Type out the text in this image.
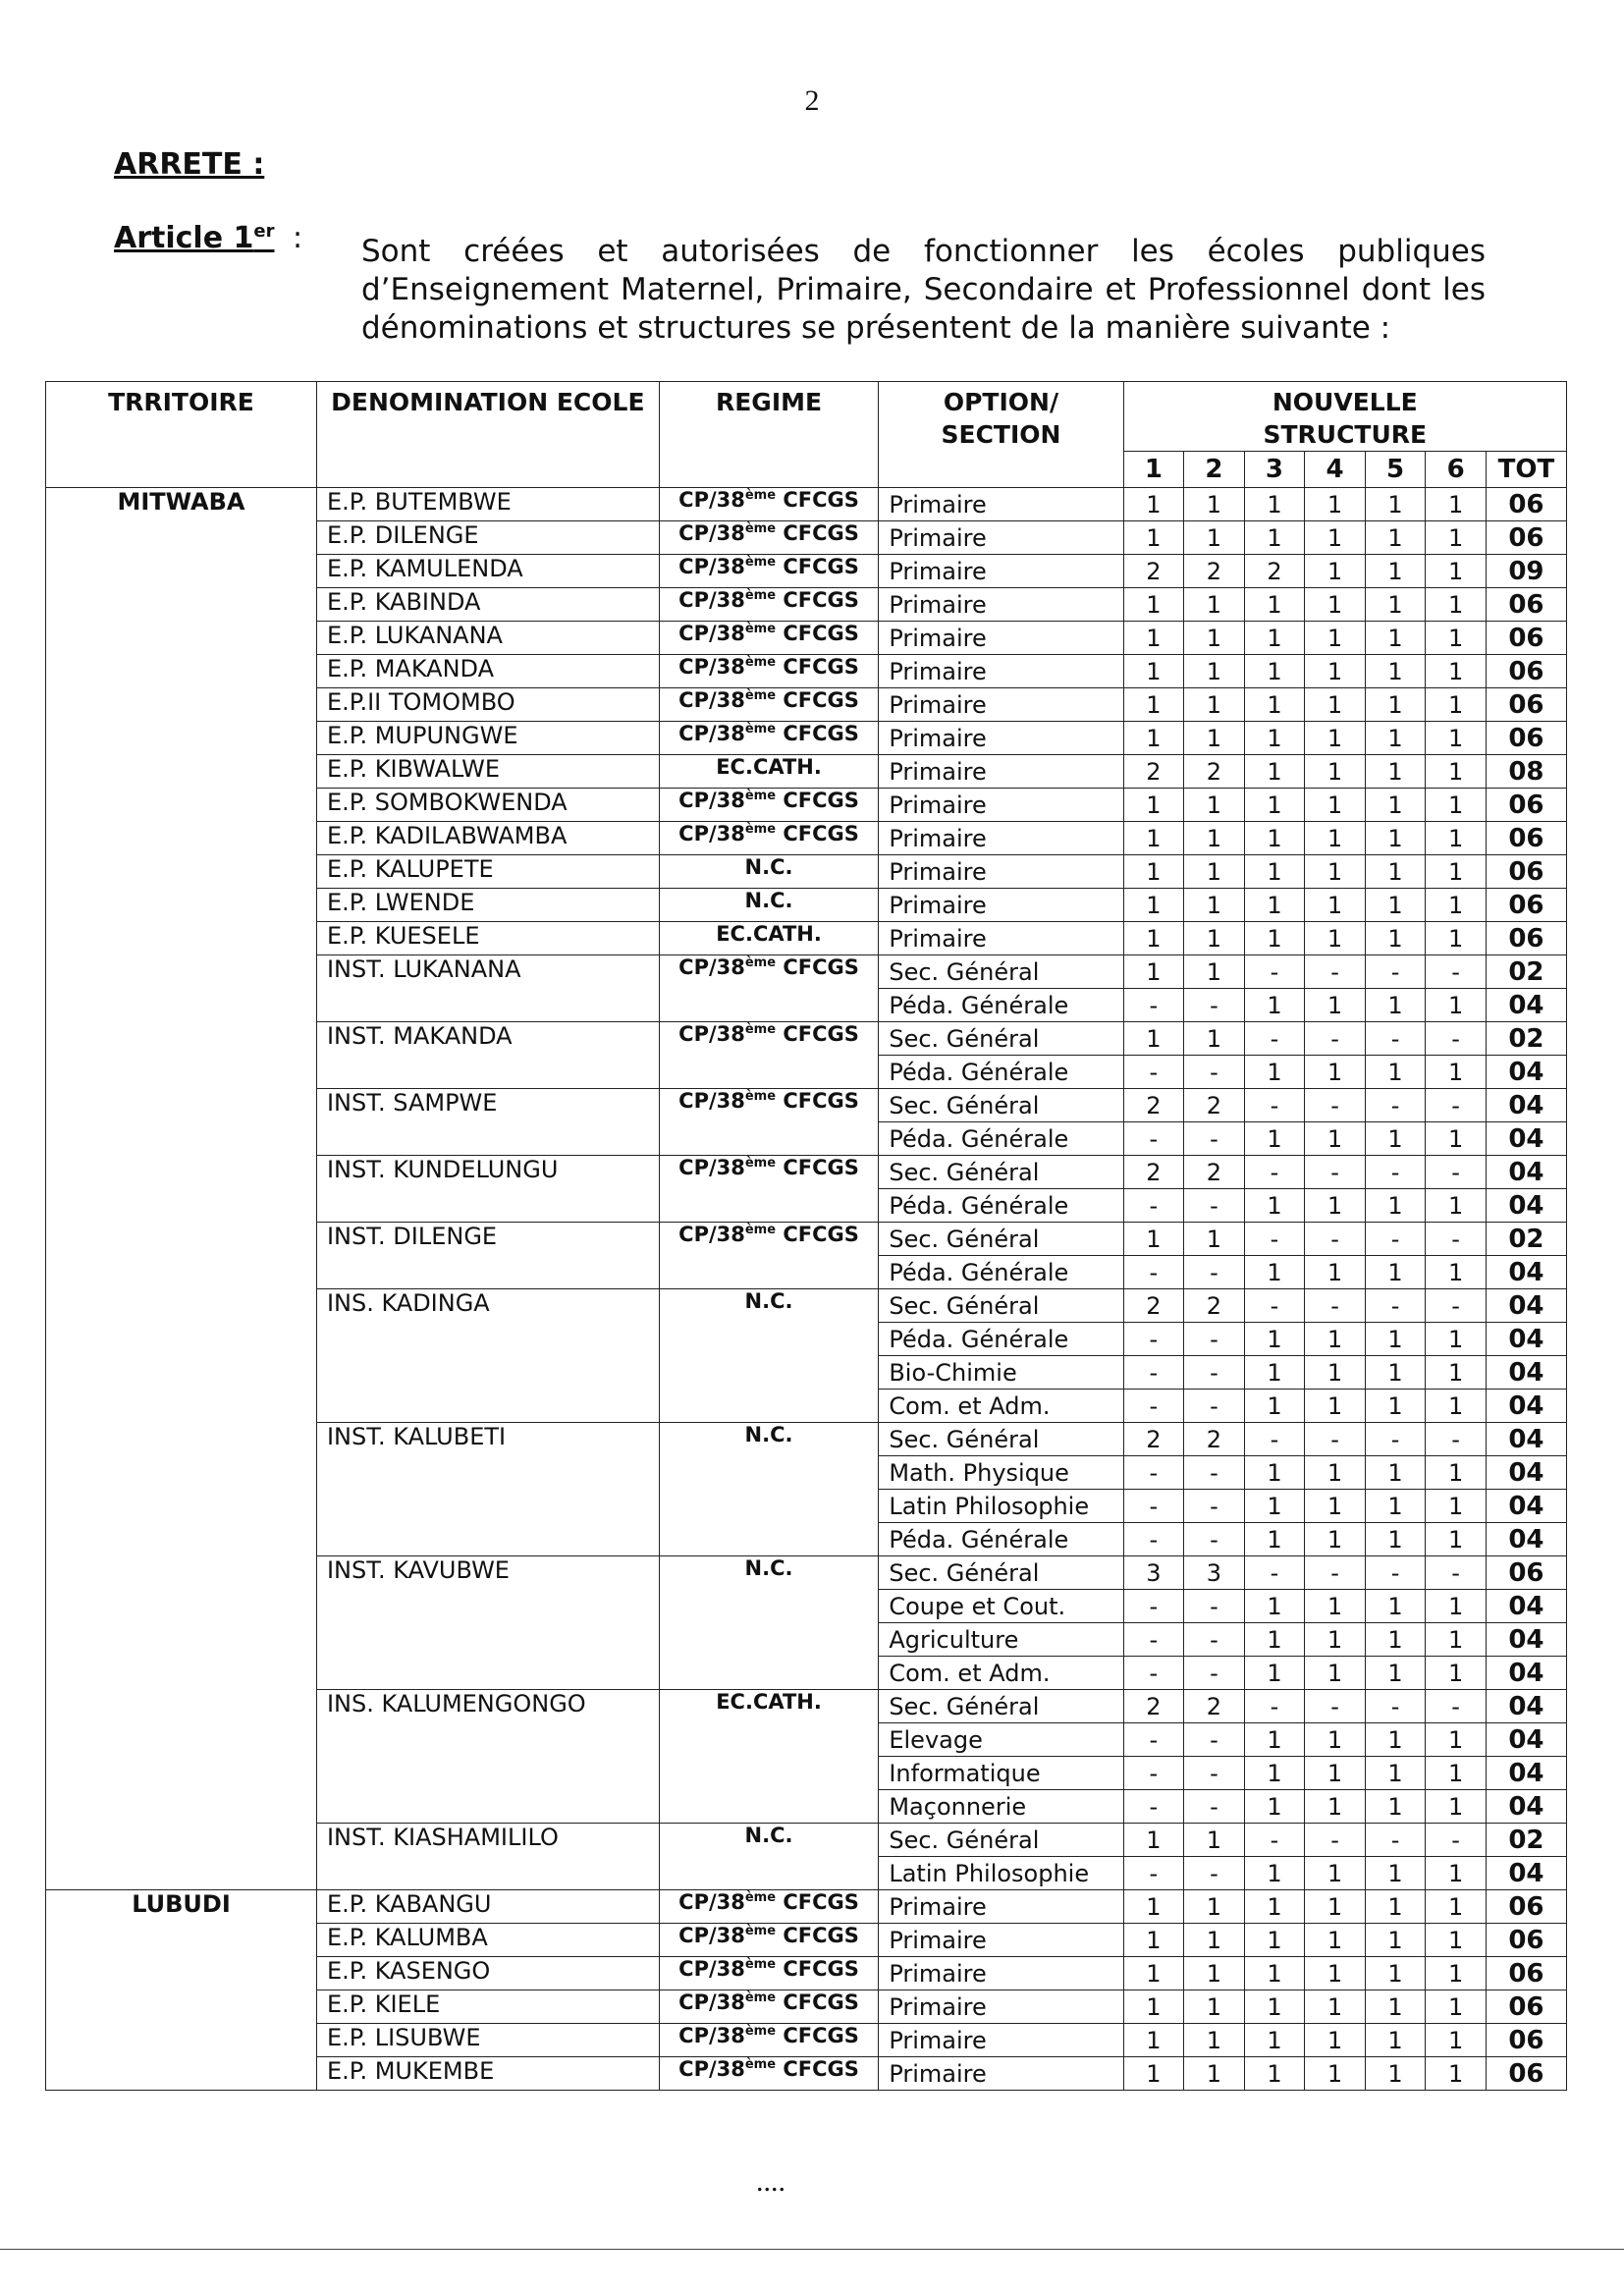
2
ARRETE :
Article 1er : Sont créées et autorisées de fonctionner les écoles publiques d’Enseignement Maternel, Primaire, Secondaire et Professionnel dont les dénominations et structures se présentent de la manière suivante :
TRRITOIRE	DENOMINATION ECOLE	REGIME	OPTION/ SECTION	NOUVELLE STRUCTURE						

				1	2	3	4	5	6	TOT
MITWABA	E.P. BUTEMBWE	CP/38ème CFCGS	Primaire	1	1	1	1	1	1	06
	E.P. DILENGE	CP/38ème CFCGS	Primaire	1	1	1	1	1	1	06
	E.P. KAMULENDA	CP/38ème CFCGS	Primaire	2	2	2	1	1	1	09
	E.P. KABINDA	CP/38ème CFCGS	Primaire	1	1	1	1	1	1	06
	E.P. LUKANANA	CP/38ème CFCGS	Primaire	1	1	1	1	1	1	06
	E.P. MAKANDA	CP/38ème CFCGS	Primaire	1	1	1	1	1	1	06
	E.P.II TOMOMBO	CP/38ème CFCGS	Primaire	1	1	1	1	1	1	06
	E.P. MUPUNGWE	CP/38ème CFCGS	Primaire	1	1	1	1	1	1	06
	E.P. KIBWALWE	EC.CATH.	Primaire	2	2	1	1	1	1	08
	E.P. SOMBOKWENDA	CP/38ème CFCGS	Primaire	1	1	1	1	1	1	06
	E.P. KADILABWAMBA	CP/38ème CFCGS	Primaire	1	1	1	1	1	1	06
	E.P. KALUPETE	N.C.	Primaire	1	1	1	1	1	1	06
	E.P. LWENDE	N.C.	Primaire	1	1	1	1	1	1	06
	E.P. KUESELE	EC.CATH.	Primaire	1	1	1	1	1	1	06
	INST. LUKANANA	CP/38ème CFCGS	Sec. Général	1	1	-	-	-	-	02
			Péda. Générale	-	-	1	1	1	1	04
	INST. MAKANDA	CP/38ème CFCGS	Sec. Général	1	1	-	-	-	-	02
			Péda. Générale	-	-	1	1	1	1	04
	INST. SAMPWE	CP/38ème CFCGS	Sec. Général	2	2	-	-	-	-	04
			Péda. Générale	-	-	1	1	1	1	04
	INST. KUNDELUNGU	CP/38ème CFCGS	Sec. Général	2	2	-	-	-	-	04
			Péda. Générale	-	-	1	1	1	1	04
	INST. DILENGE	CP/38ème CFCGS	Sec. Général	1	1	-	-	-	-	02
			Péda. Générale	-	-	1	1	1	1	04
	INS. KADINGA	N.C.	Sec. Général	2	2	-	-	-	-	04
			Péda. Générale	-	-	1	1	1	1	04
			Bio-Chimie	-	-	1	1	1	1	04
			Com. et Adm.	-	-	1	1	1	1	04
	INST. KALUBETI	N.C.	Sec. Général	2	2	-	-	-	-	04
			Math. Physique	-	-	1	1	1	1	04
			Latin Philosophie	-	-	1	1	1	1	04
			Péda. Générale	-	-	1	1	1	1	04
	INST. KAVUBWE	N.C.	Sec. Général	3	3	-	-	-	-	06
			Coupe et Cout.	-	-	1	1	1	1	04
			Agriculture	-	-	1	1	1	1	04
			Com. et Adm.	-	-	1	1	1	1	04
	INS. KALUMENGONGO	EC.CATH.	Sec. Général	2	2	-	-	-	-	04
			Elevage	-	-	1	1	1	1	04
			Informatique	-	-	1	1	1	1	04
			Maçonnerie	-	-	1	1	1	1	04
	INST. KIASHAMILILO	N.C.	Sec. Général	1	1	-	-	-	-	02
			Latin Philosophie	-	-	1	1	1	1	04
LUBUDI	E.P. KABANGU	CP/38ème CFCGS	Primaire	1	1	1	1	1	1	06
	E.P. KALUMBA	CP/38ème CFCGS	Primaire	1	1	1	1	1	1	06
	E.P. KASENGO	CP/38ème CFCGS	Primaire	1	1	1	1	1	1	06
	E.P. KIELE	CP/38ème CFCGS	Primaire	1	1	1	1	1	1	06
	E.P. LISUBWE	CP/38ème CFCGS	Primaire	1	1	1	1	1	1	06
	E.P. MUKEMBE	CP/38ème CFCGS	Primaire	1	1	1	1	1	1	06
....
